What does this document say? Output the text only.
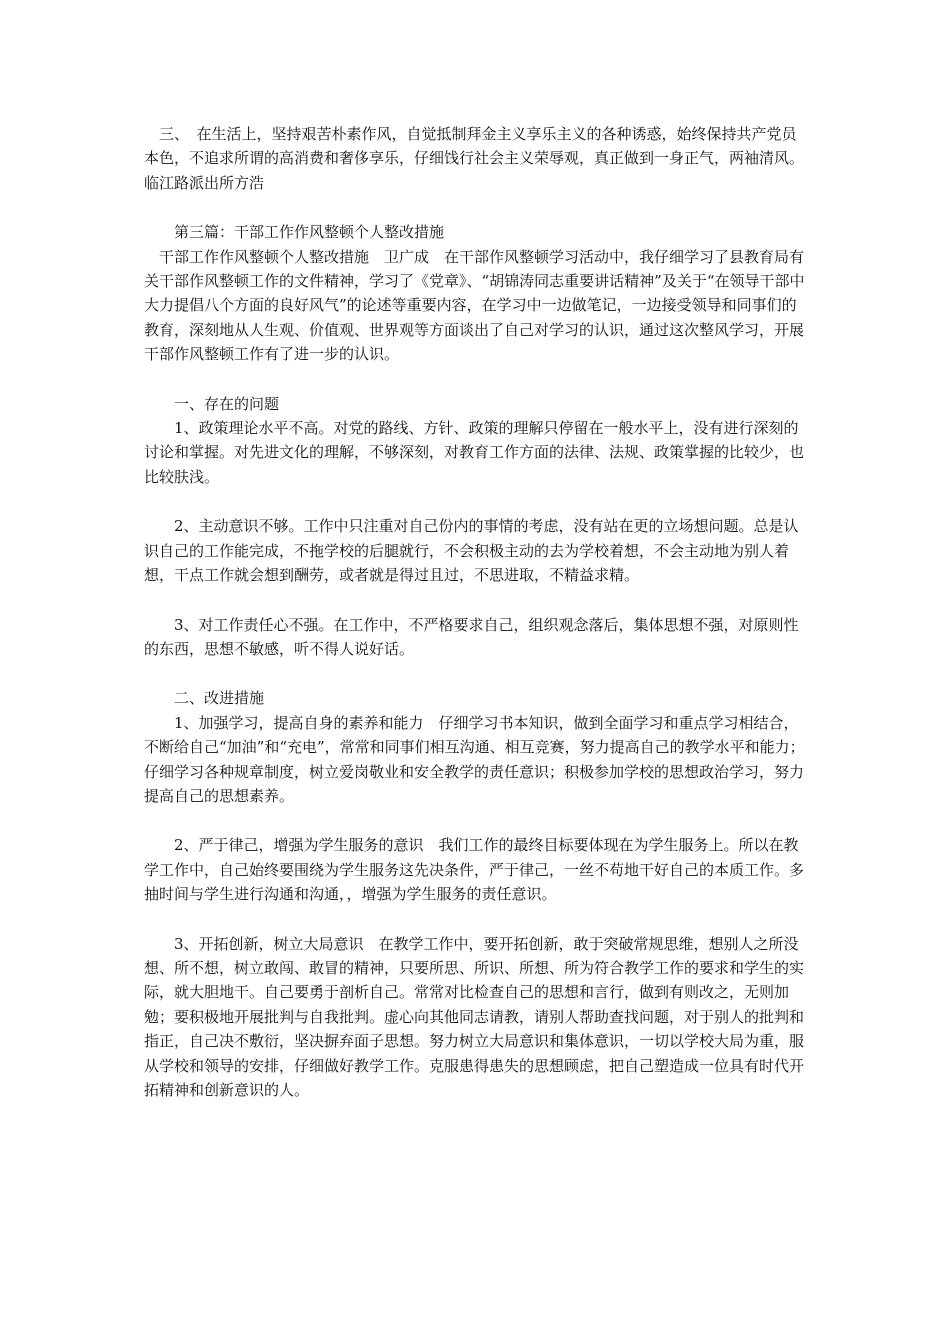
　三、　在生活上，坚持艰苦朴素作风，自觉抵制拜金主义享乐主义的各种诱惑，始终保持共产党员本色，不追求所谓的高消费和奢侈享乐，仔细饯行社会主义荣辱观，真正做到一身正气，两袖清风。　临江路派出所方浩
　　第三篇：干部工作作风整顿个人整改措施
　干部工作作风整顿个人整改措施　卫广成　在干部作风整顿学习活动中，我仔细学习了县教育局有关干部作风整顿工作的文件精神，学习了《党章》、“胡锦涛同志重要讲话精神”及关于“在领导干部中大力提倡八个方面的良好风气”的论述等重要内容，在学习中一边做笔记，一边接受领导和同事们的教育，深刻地从人生观、价值观、世界观等方面谈出了自己对学习的认识，通过这次整风学习，开展干部作风整顿工作有了进一步的认识。
　　一、存在的问题
　　1、政策理论水平不高。对党的路线、方针、政策的理解只停留在一般水平上，没有进行深刻的讨论和掌握。对先进文化的理解，不够深刻，对教育工作方面的法律、法规、政策掌握的比较少，也比较肤浅。
　　2、主动意识不够。工作中只注重对自己份内的事情的考虑，没有站在更的立场想问题。总是认识自己的工作能完成，不拖学校的后腿就行，不会积极主动的去为学校着想，不会主动地为别人着想，干点工作就会想到酬劳，或者就是得过且过，不思进取，不精益求精。
　　3、对工作责任心不强。在工作中，不严格要求自己，组织观念落后，集体思想不强，对原则性的东西，思想不敏感，听不得人说好话。
　　二、改进措施
　　1、加强学习，提高自身的素养和能力　仔细学习书本知识，做到全面学习和重点学习相结合，不断给自己“加油”和“充电”，常常和同事们相互沟通、相互竞赛，努力提高自己的教学水平和能力；仔细学习各种规章制度，树立爱岗敬业和安全教学的责任意识；积极参加学校的思想政治学习，努力提高自己的思想素养。
　　2、严于律己，增强为学生服务的意识　我们工作的最终目标要体现在为学生服务上。所以在教学工作中，自己始终要围绕为学生服务这先决条件，严于律己，一丝不苟地干好自己的本质工作。多抽时间与学生进行沟通和沟通，，增强为学生服务的责任意识。
　　3、开拓创新，树立大局意识　在教学工作中，要开拓创新，敢于突破常规思维，想别人之所没想、所不想，树立敢闯、敢冒的精神，只要所思、所识、所想、所为符合教学工作的要求和学生的实际，就大胆地干。自己要勇于剖析自己。常常对比检查自己的思想和言行，做到有则改之，无则加勉；要积极地开展批判与自我批判。虚心向其他同志请教，请别人帮助查找问题，对于别人的批判和指正，自己决不敷衍，坚决摒弃面子思想。努力树立大局意识和集体意识，一切以学校大局为重，服从学校和领导的安排，仔细做好教学工作。克服患得患失的思想顾虑，把自己塑造成一位具有时代开拓精神和创新意识的人。
